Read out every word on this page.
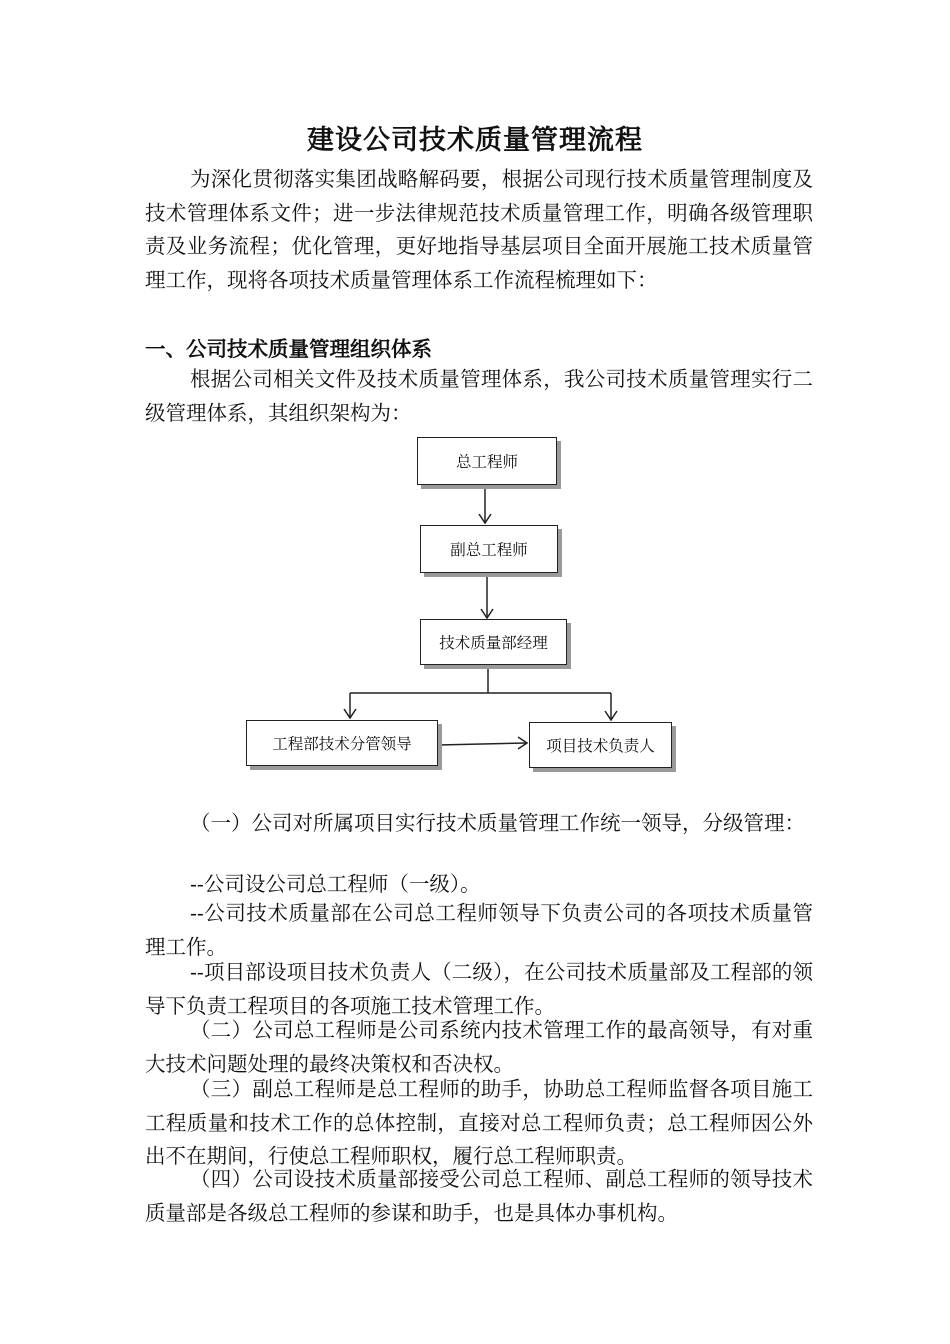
建设公司技术质量管理流程
为深化贯彻落实集团战略解码要，根据公司现行技术质量管理制度及技术管理体系文件；进一步法律规范技术质量管理工作，明确各级管理职责及业务流程；优化管理，更好地指导基层项目全面开展施工技术质量管理工作，现将各项技术质量管理体系工作流程梳理如下：
一、公司技术质量管理组织体系
根据公司相关文件及技术质量管理体系，我公司技术质量管理实行二级管理体系，其组织架构为：
总工程师
副总工程师
技术质量部经理
工程部技术分管领导	项目技术负责人
（一）公司对所属项目实行技术质量管理工作统一领导，分级管理：
--公司设公司总工程师（一级）。
--公司技术质量部在公司总工程师领导下负责公司的各项技术质量管理工作。
--项目部设项目技术负责人（二级），在公司技术质量部及工程部的领导下负责工程项目的各项施工技术管理工作。
（二）公司总工程师是公司系统内技术管理工作的最高领导，有对重大技术问题处理的最终决策权和否决权。
（三）副总工程师是总工程师的助手，协助总工程师监督各项目施工工程质量和技术工作的总体控制，直接对总工程师负责；总工程师因公外出不在期间，行使总工程师职权，履行总工程师职责。
（四）公司设技术质量部接受公司总工程师、副总工程师的领导技术质量部是各级总工程师的参谋和助手，也是具体办事机构。
